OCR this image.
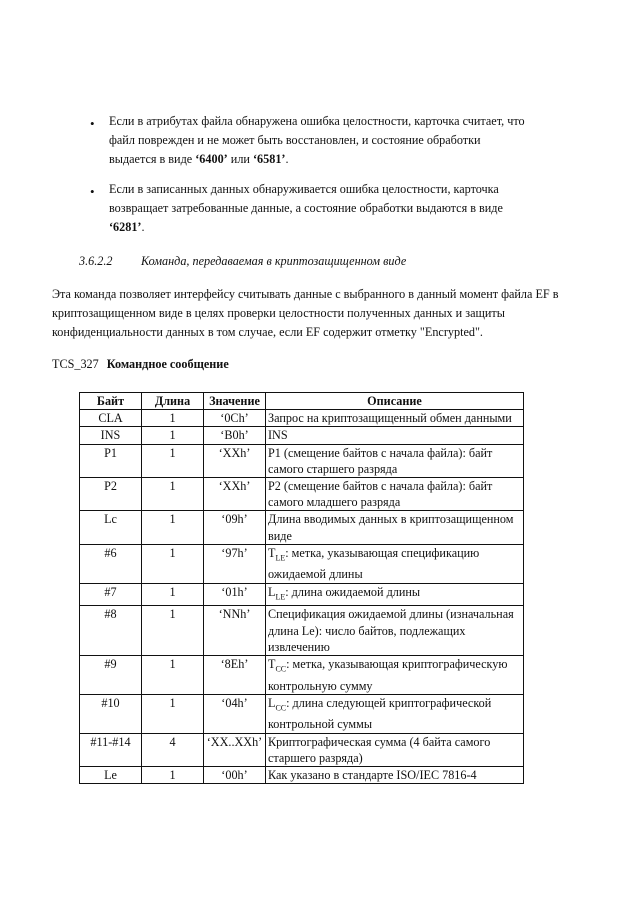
• Если в атрибутах файла обнаружена ошибка целостности, карточка считает, что файл поврежден и не может быть восстановлен, и состояние обработки выдается в виде ‘6400’ или ‘6581’.
• Если в записанных данных обнаруживается ошибка целостности, карточка возвращает затребованные данные, а состояние обработки выдаются в виде ‘6281’.
3.6.2.2 Команда, передаваемая в криптозащищенном виде
Эта команда позволяет интерфейсу считывать данные с выбранного в данный момент файла EF в криптозащищенном виде в целях проверки целостности полученных данных и защиты конфиденциальности данных в том случае, если EF содержит отметку "Encrypted".
TCS_327 Командное сообщение
Байт	Длина	Значение	Описание
CLA	1	‘0Ch’	Запрос на криптозащищенный обмен данными
INS	1	‘B0h’	INS
P1	1	‘XXh’	P1 (смещение байтов с начала файла): байт самого старшего разряда
P2	1	‘XXh’	P2 (смещение байтов с начала файла): байт самого младшего разряда
Lc	1	‘09h’	Длина вводимых данных в криптозащищенном виде
#6	1	‘97h’	$T_{LE}$: метка, указывающая спецификацию ожидаемой длины
#7	1	‘01h’	$L_{LE}$: длина ожидаемой длины
#8	1	‘NNh’	Спецификация ожидаемой длины (изначальная длина Le): число байтов, подлежащих извлечению
#9	1	‘8Eh’	$T_{CC}$: метка, указывающая криптографическую контрольную сумму
#10	1	‘04h’	$L_{CC}$: длина следующей криптографической контрольной суммы
#11-#14	4	‘XX..XXh’	Криптографическая сумма (4 байта самого старшего разряда)
Le	1	‘00h’	Как указано в стандарте ISO/IEC 7816-4
